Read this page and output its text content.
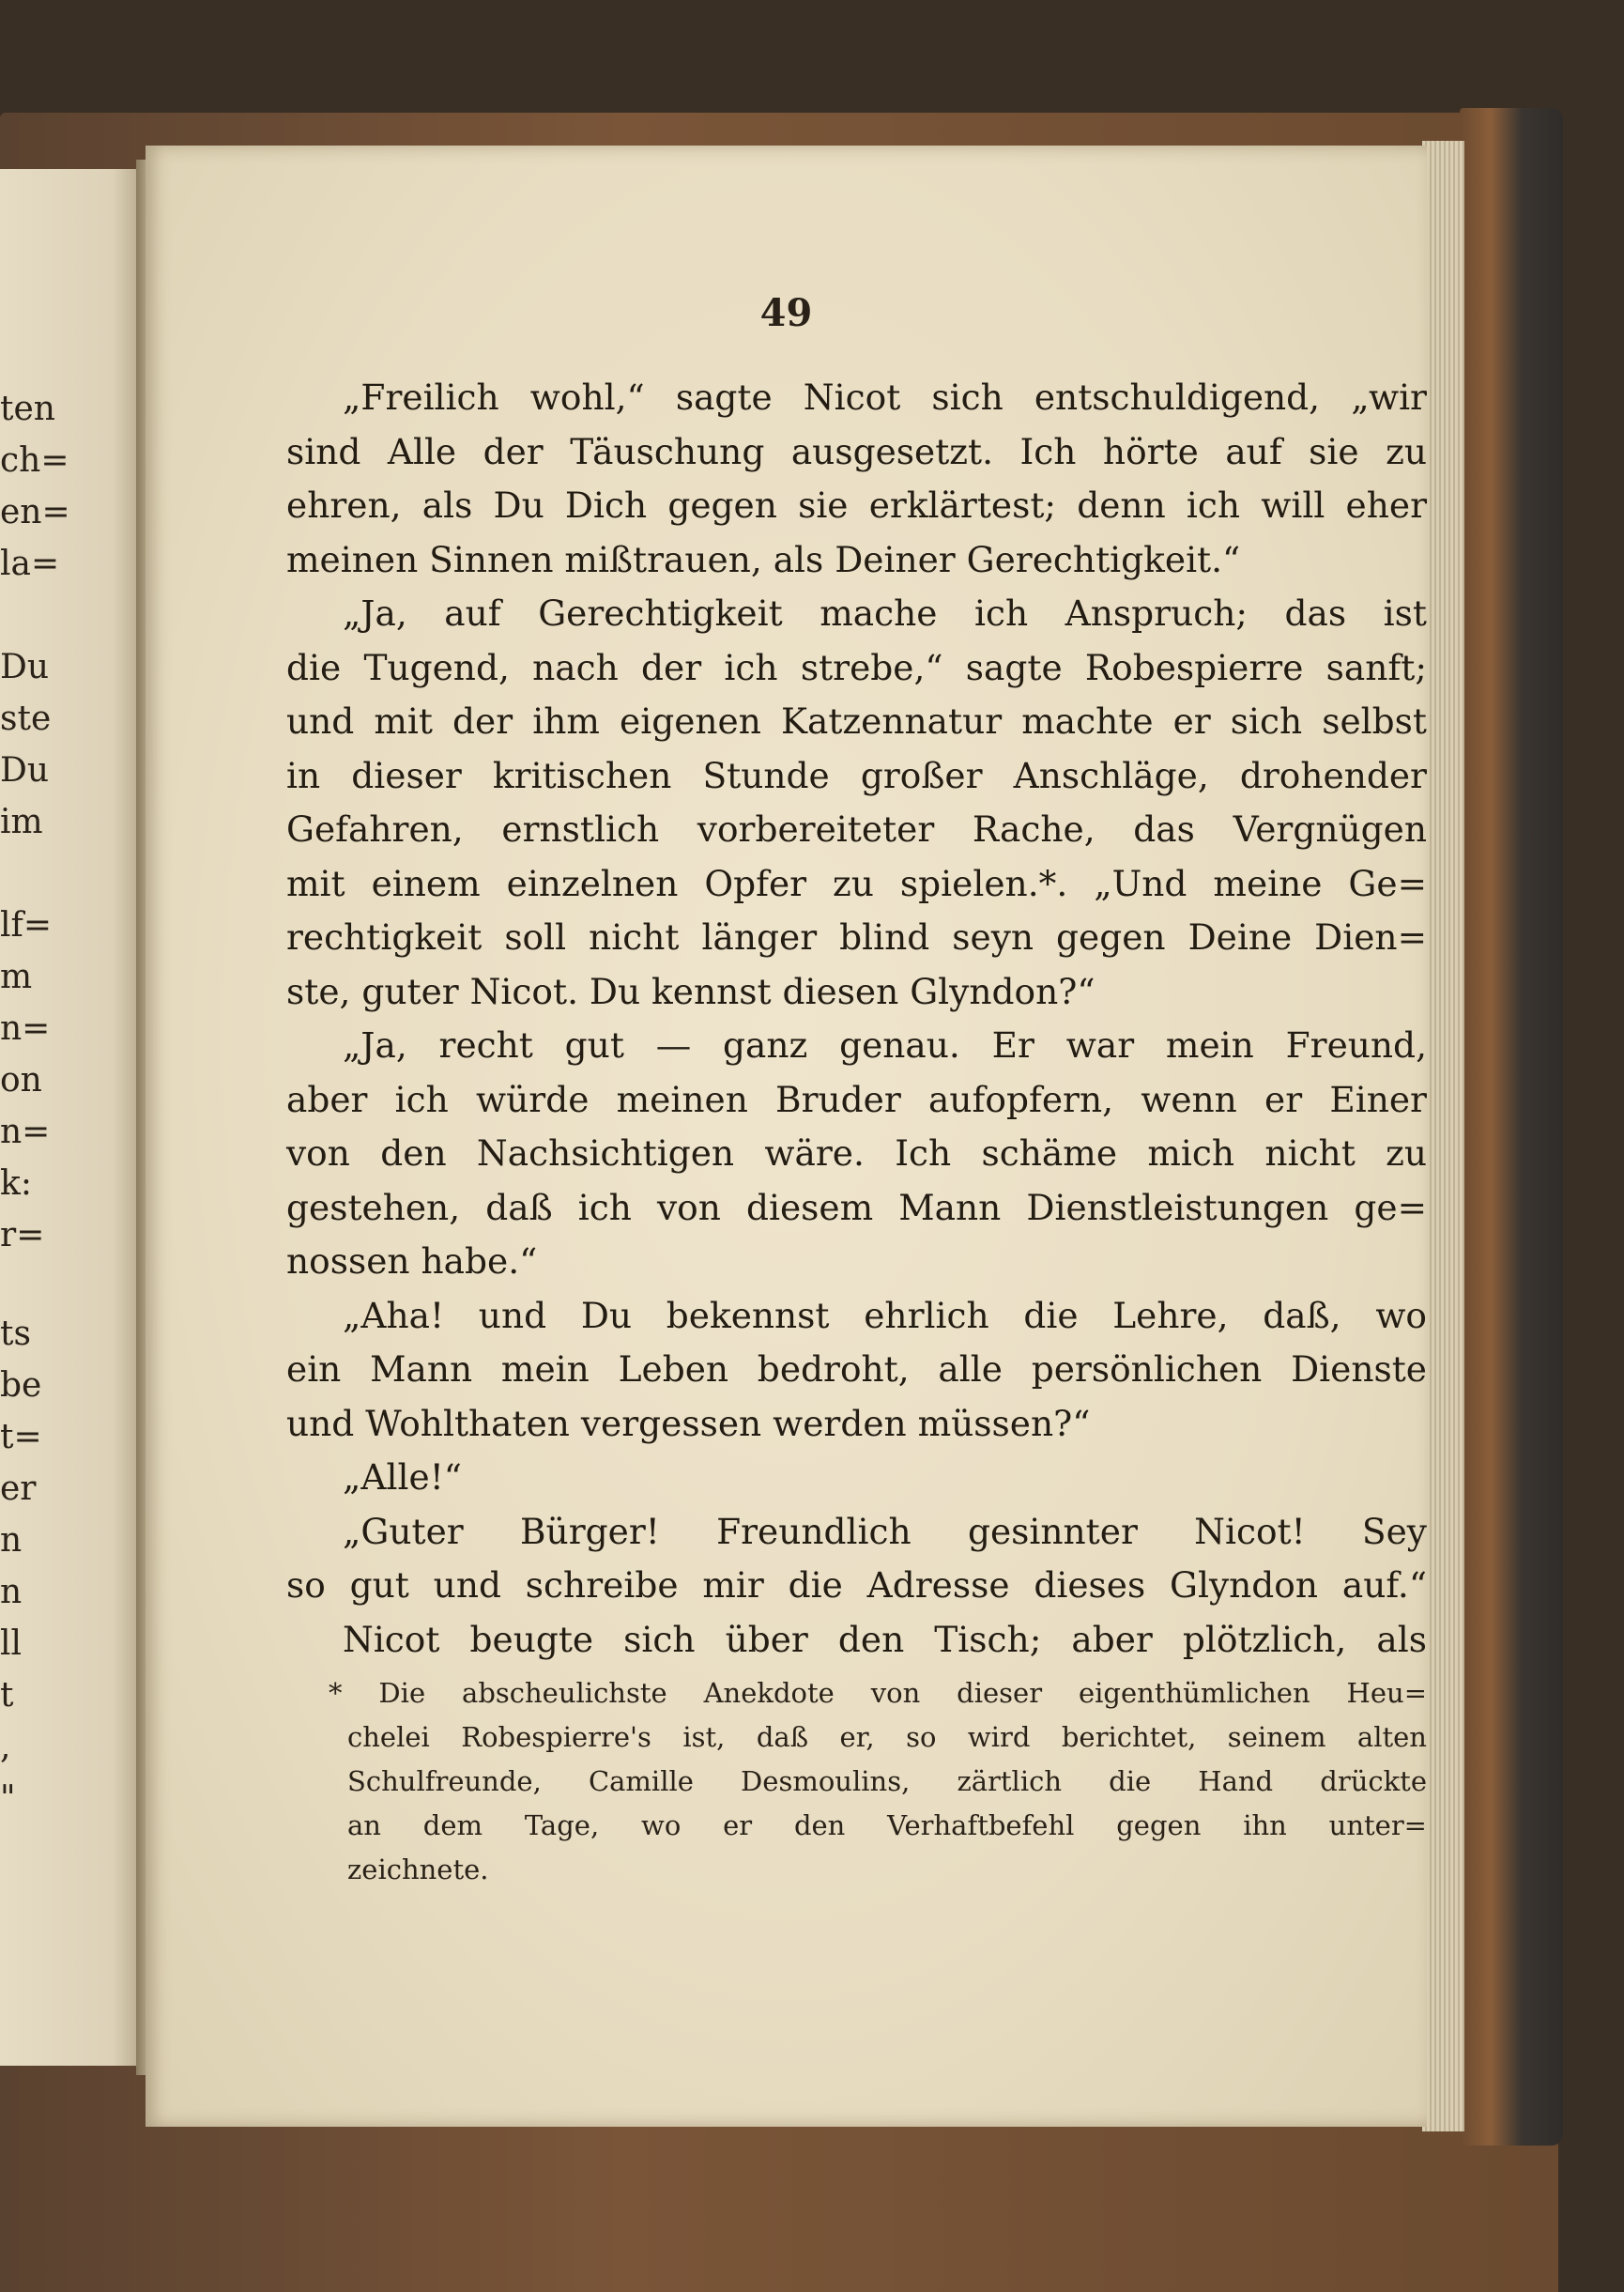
ten
ch=
en=
la=
Du
ste
Du
im
lf=
m
n=
on
n=
k:
r=
ts
be
t=
er
n
n
ll
t
,
"
49
„Freilich wohl,“ sagte Nicot sich entschuldigend, „wir
sind Alle der Täuschung ausgesetzt. Ich hörte auf sie zu
ehren, als Du Dich gegen sie erklärtest; denn ich will eher
meinen Sinnen mißtrauen, als Deiner Gerechtigkeit.“
„Ja, auf Gerechtigkeit mache ich Anspruch; das ist
die Tugend, nach der ich strebe,“ sagte Robespierre sanft;
und mit der ihm eigenen Katzennatur machte er sich selbst
in dieser kritischen Stunde großer Anschläge, drohender
Gefahren, ernstlich vorbereiteter Rache, das Vergnügen
mit einem einzelnen Opfer zu spielen.*. „Und meine Ge=
rechtigkeit soll nicht länger blind seyn gegen Deine Dien=
ste, guter Nicot. Du kennst diesen Glyndon?“
„Ja, recht gut — ganz genau. Er war mein Freund,
aber ich würde meinen Bruder aufopfern, wenn er Einer
von den Nachsichtigen wäre. Ich schäme mich nicht zu
gestehen, daß ich von diesem Mann Dienstleistungen ge=
nossen habe.“
„Aha! und Du bekennst ehrlich die Lehre, daß, wo
ein Mann mein Leben bedroht, alle persönlichen Dienste
und Wohlthaten vergessen werden müssen?“
„Alle!“
„Guter Bürger! Freundlich gesinnter Nicot! Sey
so gut und schreibe mir die Adresse dieses Glyndon auf.“
Nicot beugte sich über den Tisch; aber plötzlich, als
* Die abscheulichste Anekdote von dieser eigenthümlichen Heu=
chelei Robespierre's ist, daß er, so wird berichtet, seinem alten
Schulfreunde, Camille Desmoulins, zärtlich die Hand drückte
an dem Tage, wo er den Verhaftbefehl gegen ihn unter=
zeichnete.
